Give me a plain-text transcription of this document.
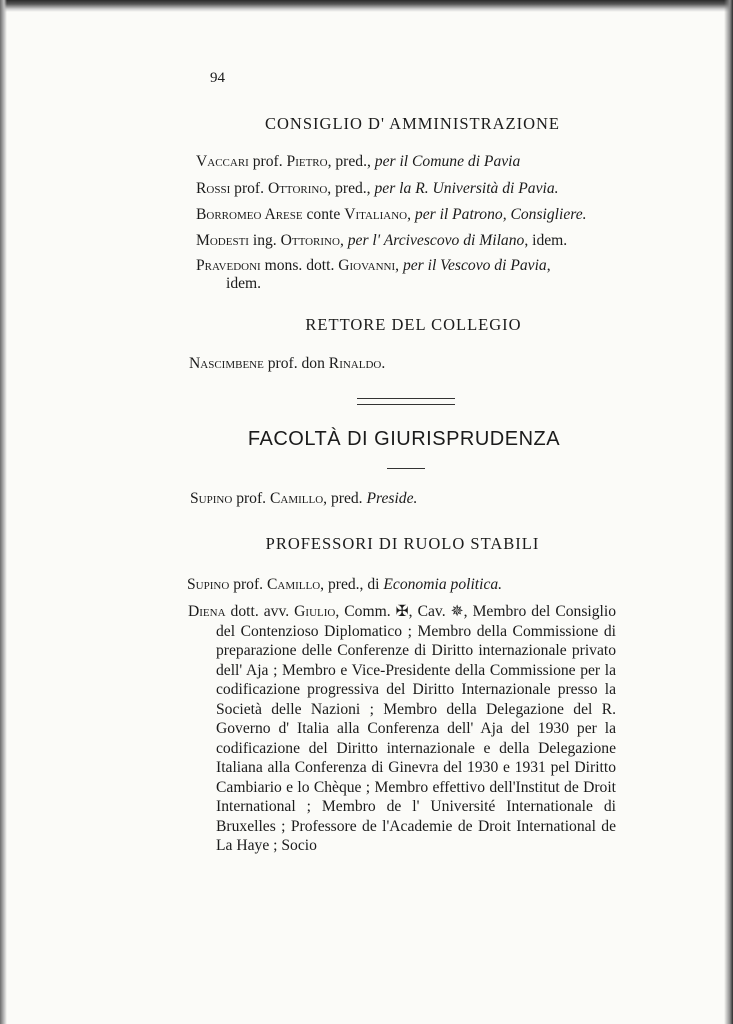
94
CONSIGLIO D' AMMINISTRAZIONE
Vaccari prof. Pietro, pred., per il Comune di Pavia
Rossi prof. Ottorino, pred., per la R. Università di Pavia.
Borromeo Arese conte Vitaliano, per il Patrono, Consigliere.
Modesti ing. Ottorino, per l' Arcivescovo di Milano, idem.
Pravedoni mons. dott. Giovanni, per il Vescovo di Pavia,
idem.
RETTORE DEL COLLEGIO
Nascimbene prof. don Rinaldo.
FACOLTÀ DI GIURISPRUDENZA
Supino prof. Camillo, pred. Preside.
PROFESSORI DI RUOLO STABILI
Supino prof. Camillo, pred., di Economia politica.
Diena dott. avv. Giulio, Comm. ✠, Cav. ✵, Membro del Consiglio del Contenzioso Diplomatico ; Membro della Commissione di preparazione delle Conferenze di Diritto internazionale privato dell' Aja ; Membro e Vice-Presidente della Commissione per la codificazione progressiva del Diritto Internazionale presso la Società delle Nazioni ; Membro della Delegazione del R. Governo d' Italia alla Conferenza dell' Aja del 1930 per la codificazione del Diritto internazionale e della Delegazione Italiana alla Conferenza di Ginevra del 1930 e 1931 pel Diritto Cambiario e lo Chèque ; Membro effettivo dell'Institut de Droit International ; Membro de l' Université Internationale di Bruxelles ; Professore de l'Academie de Droit International de La Haye ; Socio
